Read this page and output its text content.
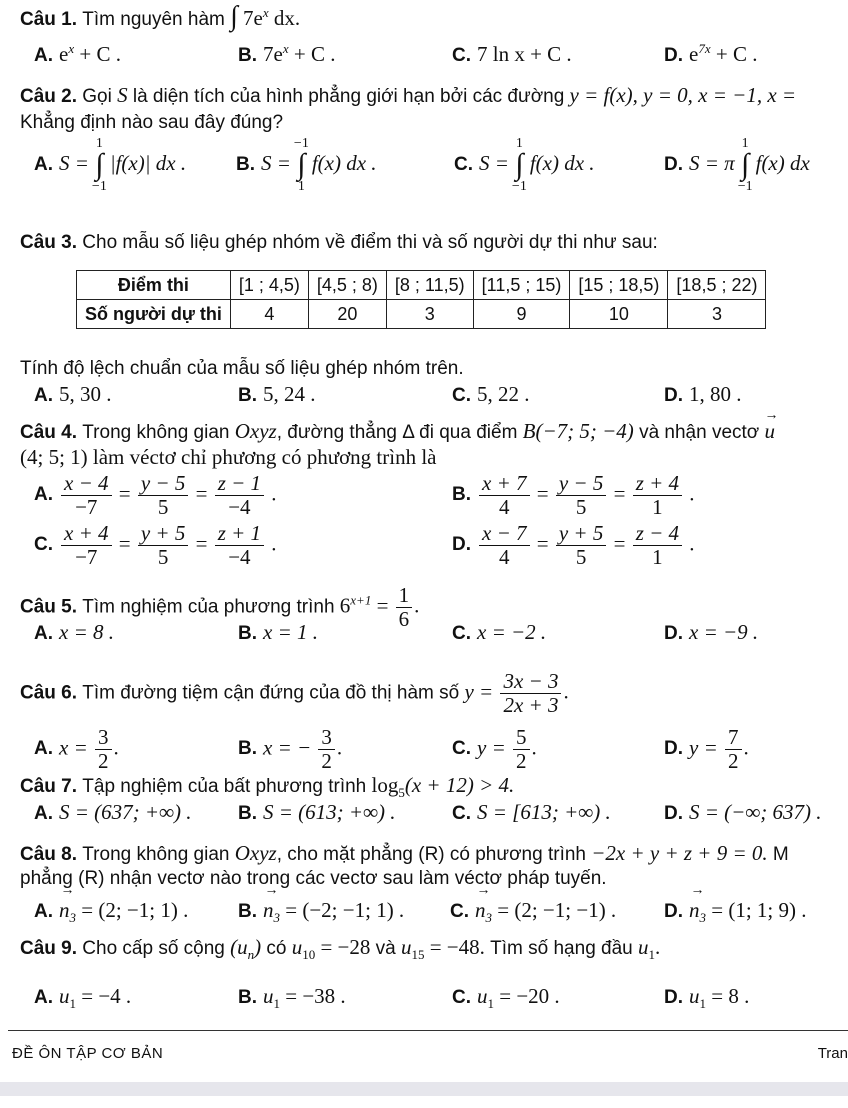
Câu 1. Tìm nguyên hàm ∫ $7e^x$ dx.
A. $e^x + C$ .	B. $7e^x + C$ .	C. 7 ln x + C .	D. $e^{7x} + C$ .
Câu 2. Gọi S là diện tích của hình phẳng giới hạn bởi các đường y = f(x), y = 0, x = −1, x =
Khẳng định nào sau đây đúng?
A. S =
1
∫
−1
|f(x)| dx .	B. S =
−1
∫
1
f(x) dx .	C. S =
1
∫
−1
f(x) dx .	D. S = π
1
∫
−1
f(x) dx
Câu 3. Cho mẫu số liệu ghép nhóm về điểm thi và số người dự thi như sau:
Điểm thi	[1 ; 4,5)	[4,5 ; 8)	[8 ; 11,5)	[11,5 ; 15)	[15 ; 18,5)	[18,5 ; 22)
Số người dự thi	4	20	3	9	10	3
Tính độ lệch chuẩn của mẫu số liệu ghép nhóm trên.
A. 5, 30 .	B. 5, 24 .	C. 5, 22 .	D. 1, 80 .
Câu 4. Trong không gian Oxyz, đường thẳng Δ đi qua điểm B(−7; 5; −4) và nhận vectơ → u
(4; 5; 1) làm véctơ chỉ phương có phương trình là
A. $\frac{x - 4}{-7} = \frac{y - 5}{5} = \frac{z - 1}{-4}$ .	B. $\frac{x + 7}{4} = \frac{y - 5}{5} = \frac{z + 4}{1}$ .
C. $\frac{x + 4}{-7} = \frac{y + 5}{5} = \frac{z + 1}{-4}$ .	D. $\frac{x - 7}{4} = \frac{y + 5}{5} = \frac{z - 4}{1}$ .
Câu 5. Tìm nghiệm của phương trình $6^{x+1} = \frac{1}{6}$ .
A. x = 8 .	B. x = 1 .	C. x = −2 .	D. x = −9 .
Câu 6. Tìm đường tiệm cận đứng của đồ thị hàm số $y = \frac{3x - 3}{2x + 3}$ .
A. $x = \frac{3}{2}$ .	B. x = − $\frac{3}{2}$ .	C. $y = \frac{5}{2}$ .	D. $y = \frac{7}{2}$ .
Câu 7. Tập nghiệm của bất phương trình $\log_5(x + 12) > 4$.
A. S = (637; +∞) . B. S = (613; +∞) .	C. S = [613; +∞) .	D. S = (−∞; 637) .
Câu 8. Trong không gian Oxyz, cho mặt phẳng (R) có phương trình −2x + y + z + 9 = 0. M
phẳng (R) nhận vectơ nào trong các vectơ sau làm véctơ pháp tuyến.
A. → $n_3 = (2$; −1; 1) .	B. → $n_3 = (-2$; −1; 1) . C. → $n_3 = (2$; −1; −1) .	D. → $n_3 = (1$; 1; 9) .
Câu 9. Cho cấp số cộng $(u_n)$ có $u_{10} = -28$ và $u_{15} = -48$. Tìm số hạng đầu $u_1$.
A. $u_1 = -4$ .	B. $u_1 = -38$ .	C. $u_1 = -20$ .	D. $u_1 = 8$ .
ĐỀ ÔN TẬP CƠ BẢN	Tran
